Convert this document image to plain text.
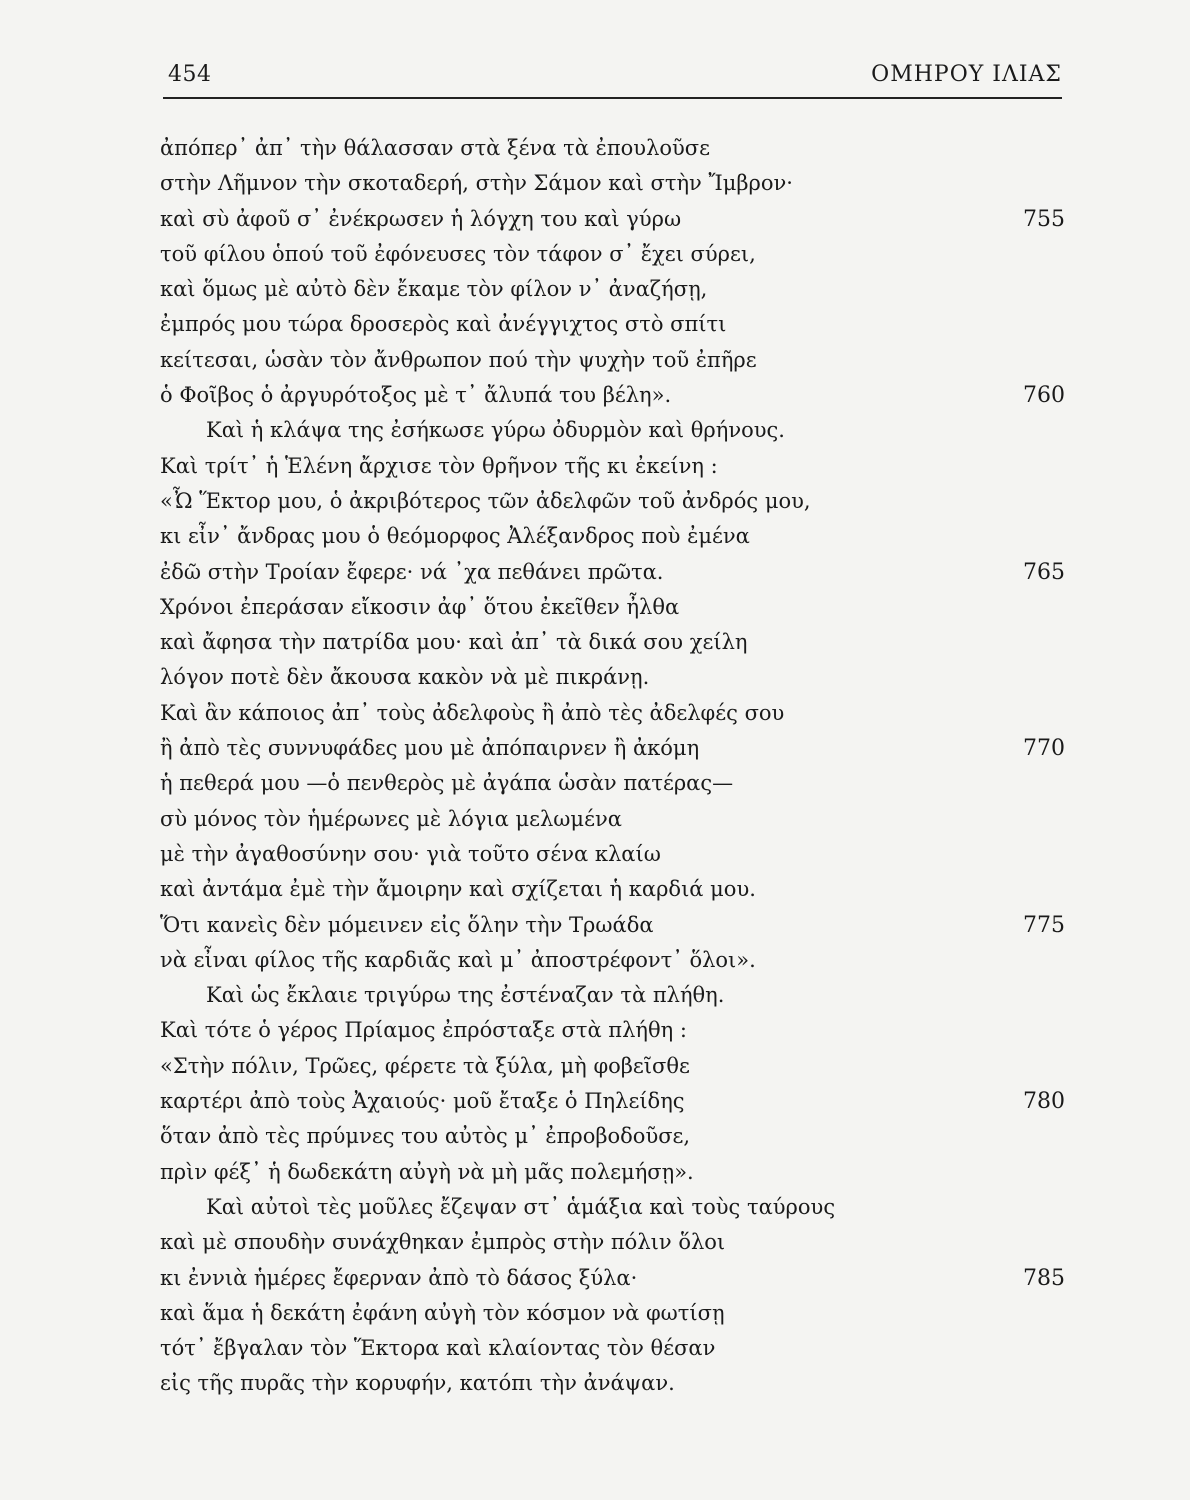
454	ΟΜΗΡΟΥ ΙΛΙΑΣ
ἀπόπερ᾽ ἀπ᾽ τὴν θάλασσαν στὰ ξένα τὰ ἐπουλοῦσε
στὴν Λῆμνον τὴν σκοταδερή, στὴν Σάμον καὶ στὴν Ἴμβρον·
καὶ σὺ ἀφοῦ σ᾽ ἐνέκρωσεν ἡ λόγχη του καὶ γύρω	755
τοῦ φίλου ὁπού τοῦ ἐφόνευσες τὸν τάφον σ᾽ ἔχει σύρει,
καὶ ὅμως μὲ αὐτὸ δὲν ἔκαμε τὸν φίλον ν᾽ ἀναζήσῃ,
ἐμπρός μου τώρα δροσερὸς καὶ ἀνέγγιχτος στὸ σπίτι
κείτεσαι, ὡσὰν τὸν ἄνθρωπον πού τὴν ψυχὴν τοῦ ἐπῆρε
ὁ Φοῖβος ὁ ἀργυρότοξος μὲ τ᾽ ἄλυπά του βέλη».	760
Καὶ ἡ κλάψα της ἐσήκωσε γύρω ὀδυρμὸν καὶ θρήνους.
Καὶ τρίτ᾽ ἡ Ἑλένη ἄρχισε τὸν θρῆνον τῆς κι ἐκείνη :
«Ὦ Ἕκτορ μου, ὁ ἀκριβότερος τῶν ἀδελφῶν τοῦ ἀνδρός μου,
κι εἶν᾽ ἄνδρας μου ὁ θεόμορφος Ἀλέξανδρος ποὺ ἐμένα
ἐδῶ στὴν Τροίαν ἔφερε· νά ᾽χα πεθάνει πρῶτα.	765
Χρόνοι ἐπεράσαν εἴκοσιν ἀφ᾽ ὅτου ἐκεῖθεν ἦλθα
καὶ ἄφησα τὴν πατρίδα μου· καὶ ἀπ᾽ τὰ δικά σου χείλη
λόγον ποτὲ δὲν ἄκουσα κακὸν νὰ μὲ πικράνῃ.
Καὶ ἂν κάποιος ἀπ᾽ τοὺς ἀδελφοὺς ἢ ἀπὸ τὲς ἀδελφές σου
ἢ ἀπὸ τὲς συννυφάδες μου μὲ ἀπόπαιρνεν ἢ ἀκόμη	770
ἡ πεθερά μου —ὁ πενθερὸς μὲ ἀγάπα ὡσὰν πατέρας—
σὺ μόνος τὸν ἡμέρωνες μὲ λόγια μελωμένα
μὲ τὴν ἀγαθοσύνην σου· γιὰ τοῦτο σένα κλαίω
καὶ ἀντάμα ἐμὲ τὴν ἄμοιρην καὶ σχίζεται ἡ καρδιά μου.
Ὅτι κανεὶς δὲν μόμεινεν εἰς ὅλην τὴν Τρωάδα	775
νὰ εἶναι φίλος τῆς καρδιᾶς καὶ μ᾽ ἀποστρέφοντ᾽ ὅλοι».
Καὶ ὡς ἔκλαιε τριγύρω της ἐστέναζαν τὰ πλήθη.
Καὶ τότε ὁ γέρος Πρίαμος ἐπρόσταξε στὰ πλήθη :
«Στὴν πόλιν, Τρῶες, φέρετε τὰ ξύλα, μὴ φοβεῖσθε
καρτέρι ἀπὸ τοὺς Ἀχαιούς· μοῦ ἔταξε ὁ Πηλείδης	780
ὅταν ἀπὸ τὲς πρύμνες του αὐτὸς μ᾽ ἐπροβοδοῦσε,
πρὶν φέξ᾽ ἡ δωδεκάτη αὐγὴ νὰ μὴ μᾶς πολεμήσῃ».
Καὶ αὐτοὶ τὲς μοῦλες ἔζεψαν στ᾽ ἁμάξια καὶ τοὺς ταύρους
καὶ μὲ σπουδὴν συνάχθηκαν ἐμπρὸς στὴν πόλιν ὅλοι
κι ἐννιὰ ἡμέρες ἔφερναν ἀπὸ τὸ δάσος ξύλα·	785
καὶ ἅμα ἡ δεκάτη ἐφάνη αὐγὴ τὸν κόσμον νὰ φωτίσῃ
τότ᾽ ἔβγαλαν τὸν Ἕκτορα καὶ κλαίοντας τὸν θέσαν
εἰς τῆς πυρᾶς τὴν κορυφήν, κατόπι τὴν ἀνάψαν.
